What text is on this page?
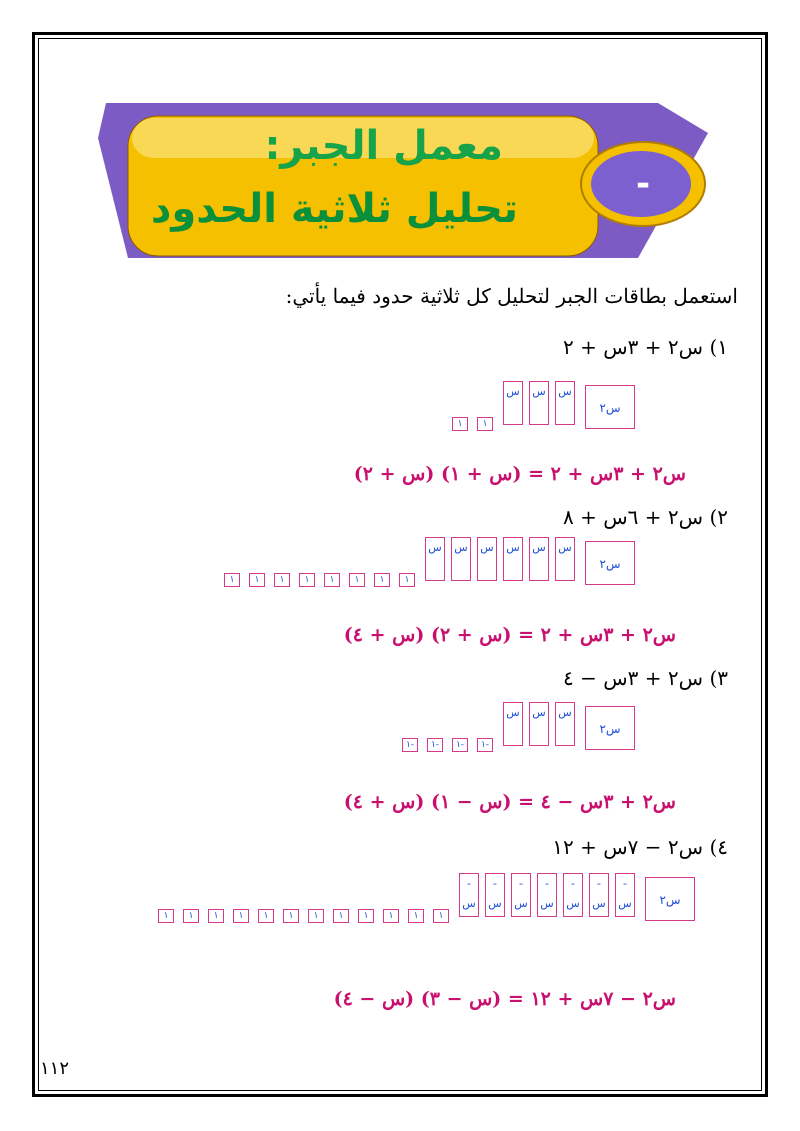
معمل الجبر:
تحليل ثلاثية الحدود
-
استعمل بطاقات الجبر لتحليل كل ثلاثية حدود فيما يأتي:
١) س٢ + ٣س + ٢
س٢
س
س
س
١
١
س٢ + ٣س + ٢ = (س + ١) (س + ٢)
٢) س٢ + ٦س + ٨
س٢
س
س
س
س
س
س
١
١
١
١
١
١
١
١
س٢ + ٣س + ٢ = (س + ٢) (س + ٤)
٣) س٢ + ٣س − ٤
س٢
س
س
س
١-
١-
١-
١-
س٢ + ٣س − ٤ = (س − ١) (س + ٤)
٤) س٢ − ٧س + ١٢
س٢
- س
- س
- س
- س
- س
- س
- س
١
١
١
١
١
١
١
١
١
١
١
١
س٢ − ٧س + ١٢ = (س − ٣) (س − ٤)
١١٢
